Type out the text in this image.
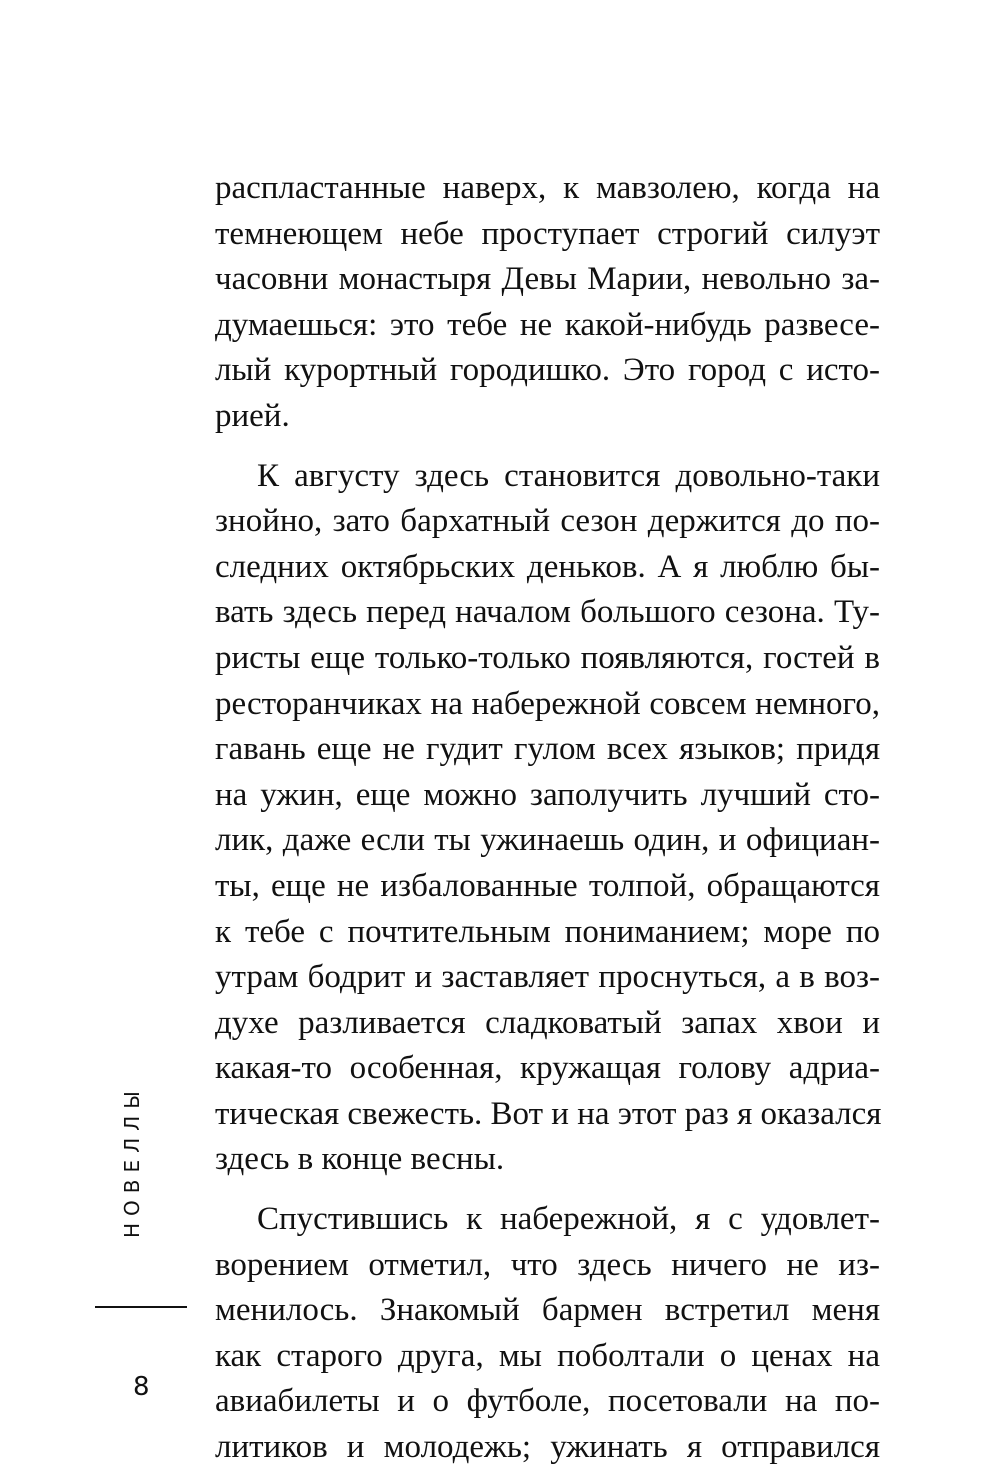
распластанные наверх, к мавзолею, когда на
темнеющем небе проступает строгий силуэт
часовни монастыря Девы Марии, невольно за-
думаешься: это тебе не какой-нибудь развесе-
лый курортный городишко. Это город с исто-
рией.
К августу здесь становится довольно-таки
знойно, зато бархатный сезон держится до по-
следних октябрьских деньков. А я люблю бы-
вать здесь перед началом большого сезона. Ту-
ристы еще только-только появляются, гостей в
ресторанчиках на набережной совсем немного,
гавань еще не гудит гулом всех языков; придя
на ужин, еще можно заполучить лучший сто-
лик, даже если ты ужинаешь один, и официан-
ты, еще не избалованные толпой, обращаются
к тебе с почтительным пониманием; море по
утрам бодрит и заставляет проснуться, а в воз-
духе разливается сладковатый запах хвои и
какая-то особенная, кружащая голову адриа-
тическая свежесть. Вот и на этот раз я оказался
здесь в конце весны.
Спустившись к набережной, я с удовлет-
ворением отметил, что здесь ничего не из-
менилось. Знакомый бармен встретил меня
как старого друга, мы поболтали о ценах на
авиабилеты и о футболе, посетовали на по-
литиков и молодежь; ужинать я отправился
НОВЕЛЛЫ
8
